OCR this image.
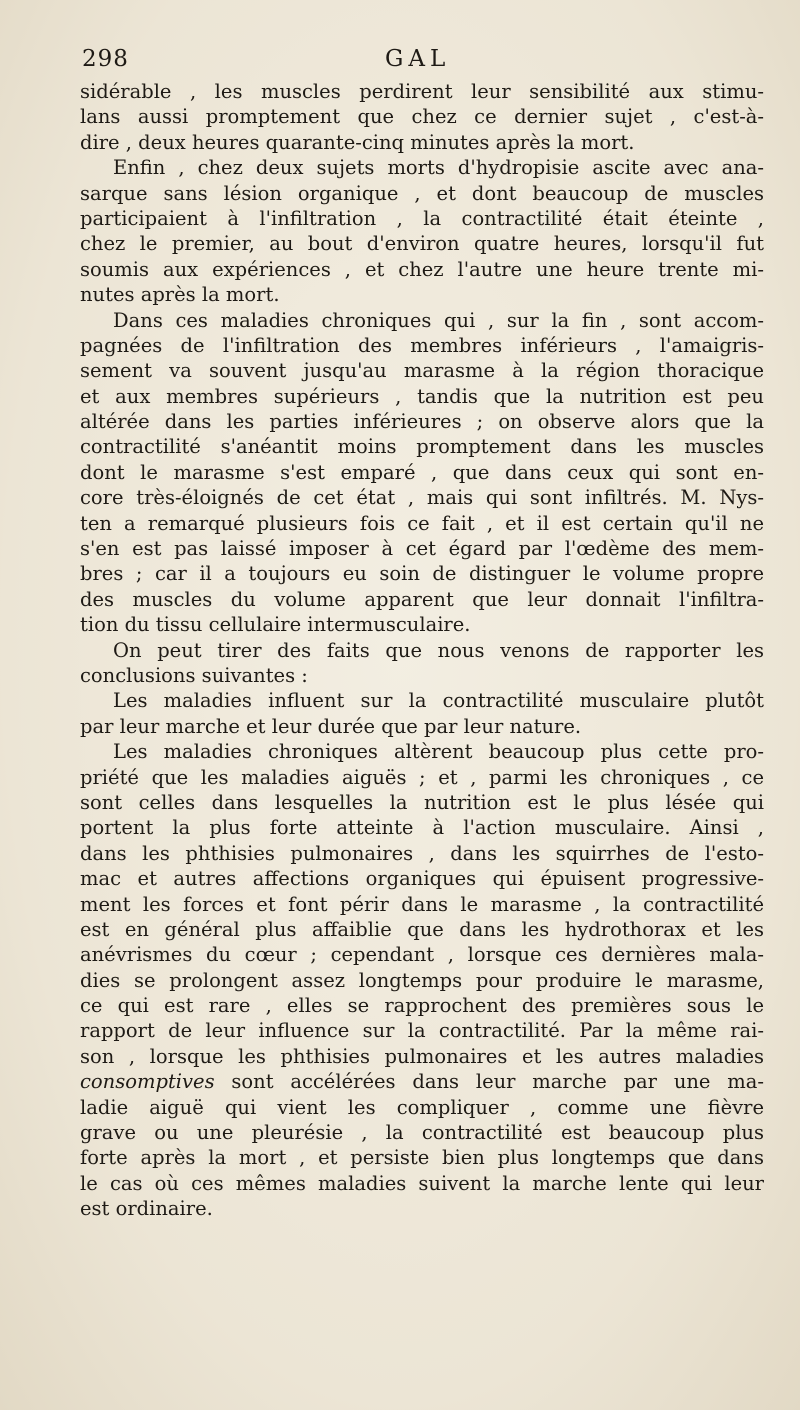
298	GAL
sidérable , les muscles perdirent leur sensibilité aux stimu-
lans aussi promptement que chez ce dernier sujet , c'est-à-
dire , deux heures quarante-cinq minutes après la mort.
Enfin , chez deux sujets morts d'hydropisie ascite avec ana-
sarque sans lésion organique , et dont beaucoup de muscles
participaient à l'infiltration , la contractilité était éteinte ,
chez le premier, au bout d'environ quatre heures, lorsqu'il fut
soumis aux expériences , et chez l'autre une heure trente mi-
nutes après la mort.
Dans ces maladies chroniques qui , sur la fin , sont accom-
pagnées de l'infiltration des membres inférieurs , l'amaigris-
sement va souvent jusqu'au marasme à la région thoracique
et aux membres supérieurs , tandis que la nutrition est peu
altérée dans les parties inférieures ; on observe alors que la
contractilité s'anéantit moins promptement dans les muscles
dont le marasme s'est emparé , que dans ceux qui sont en-
core très-éloignés de cet état , mais qui sont infiltrés. M. Nys-
ten a remarqué plusieurs fois ce fait , et il est certain qu'il ne
s'en est pas laissé imposer à cet égard par l'œdème des mem-
bres ; car il a toujours eu soin de distinguer le volume propre
des muscles du volume apparent que leur donnait l'infiltra-
tion du tissu cellulaire intermusculaire.
On peut tirer des faits que nous venons de rapporter les
conclusions suivantes :
Les maladies influent sur la contractilité musculaire plutôt
par leur marche et leur durée que par leur nature.
Les maladies chroniques altèrent beaucoup plus cette pro-
priété que les maladies aiguës ; et , parmi les chroniques , ce
sont celles dans lesquelles la nutrition est le plus lésée qui
portent la plus forte atteinte à l'action musculaire. Ainsi ,
dans les phthisies pulmonaires , dans les squirrhes de l'esto-
mac et autres affections organiques qui épuisent progressive-
ment les forces et font périr dans le marasme , la contractilité
est en général plus affaiblie que dans les hydrothorax et les
anévrismes du cœur ; cependant , lorsque ces dernières mala-
dies se prolongent assez longtemps pour produire le marasme,
ce qui est rare , elles se rapprochent des premières sous le
rapport de leur influence sur la contractilité. Par la même rai-
son , lorsque les phthisies pulmonaires et les autres maladies
consomptives sont accélérées dans leur marche par une ma-
ladie aiguë qui vient les compliquer , comme une fièvre
grave ou une pleurésie , la contractilité est beaucoup plus
forte après la mort , et persiste bien plus longtemps que dans
le cas où ces mêmes maladies suivent la marche lente qui leur
est ordinaire.
